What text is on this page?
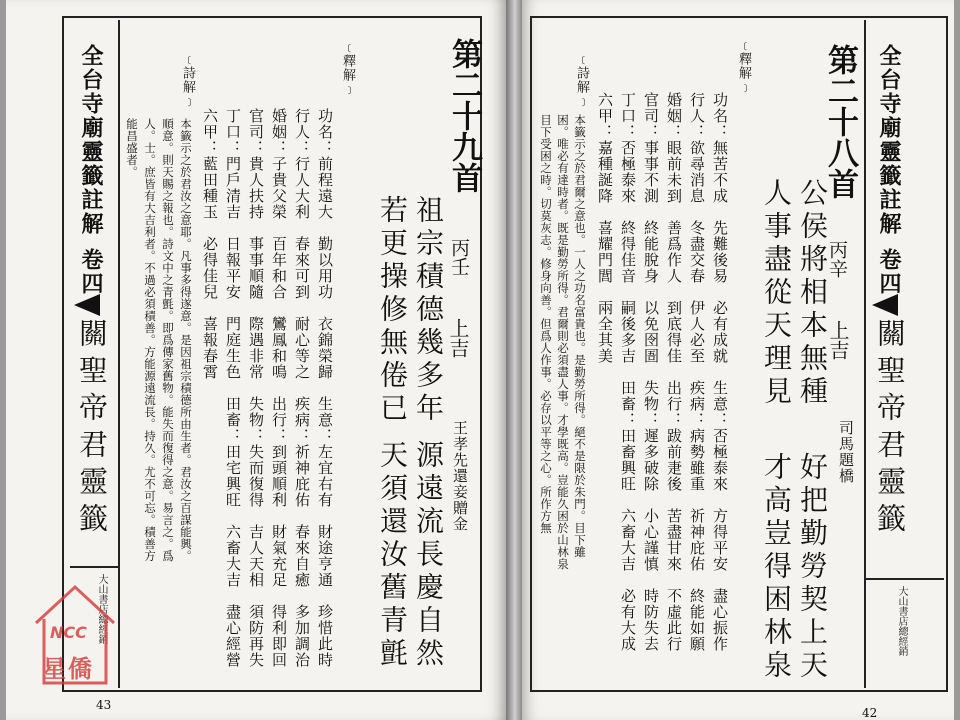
全台寺廟靈籤註解
卷四
關聖帝君靈籤
大山書店總經銷
第二十九首
丙壬
上吉
王孝先還妾贈金
祖宗積德幾多年
若更操修無倦已
源遠流長慶自然
天須還汝舊青氈
﹝釋解﹞
功名：前程遠大　勤以用功　衣錦榮歸　生意：左宜右有　財途亨通　珍惜此時
行人：行人大利　春來可到　耐心等之　疾病：祈神庇佑　春來自癒　多加調治
婚姻：子貴父榮　百年和合　鸞鳳和鳴　出行：到頭順利　財氣充足　得利即回
官司：貴人扶持　事事順隨　際遇非常　失物：失而復得　吉人天相　須防再失
丁口：門戶清吉　日報平安　門庭生色　田畜：田宅興旺　六畜大吉　盡心經營
六甲：藍田種玉　必得佳兒　喜報春霄
﹝詩解﹞
本籤示之於君汝之意耶。凡事多得遂意。是因祖宗積德所由生者。君汝之百謀能興。
順意。則天賜之報也。詩文中之青氈。即爲傳家舊物。能失而復得之意。易言之。爲
人。士。庶皆有大吉利者。不過必須積善。方能源遠流長。持久。尤不可忘。積善方
能昌盛者。
43
NCC
星僑
第二十八首
丙辛
上吉
司馬題橋
公侯將相本無種
人事盡從天理見
好把勤勞契上天
才高豈得困林泉
﹝釋解﹞
功名：無苦不成　先難後易　必有成就　生意：否極泰來　方得平安　盡心振作
行人：欲尋消息　冬盡交春　伊人必至　疾病：病勢雖重　祈神庇佑　終能如願
婚姻：眼前未到　善爲作人　到底得佳　出行：跋前疌後　苦盡甘來　不虛此行
官司：事事不測　終能脫身　以免囹圄　失物：遲多破除　小心謹慎　時防失去
丁口：否極泰來　終得佳音　嗣後多吉　田畜：田畜興旺　六畜大吉　必有大成
六甲：嘉種誕降　喜耀門閭　兩全其美
﹝詩解﹞
本籤示之於君爾之意也。一人之功名富貴也。是勤勞所得。絕不是限於朱門。目下雖
困。唯必有達時者。既是勤勞所得。君爾則必須盡人事。才學既高。豈能久困於山林泉
目下受困之時。切莫灰志。修身向善。但爲人作事。必存以平等之心。所作方無	全台寺廟靈籤註解
卷四
關聖帝君靈籤
大山書店總經銷
42
